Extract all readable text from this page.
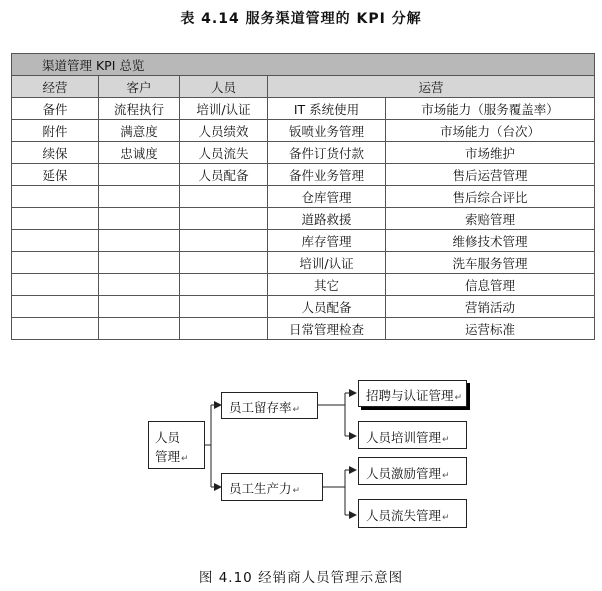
表 4.14 服务渠道管理的 KPI 分解
渠道管理 KPI 总览				
经营	客户	人员	运营	
备件	流程执行	培训/认证	IT 系统使用	市场能力（服务覆盖率）
附件	满意度	人员绩效	钣喷业务管理	市场能力（台次）
续保	忠诚度	人员流失	备件订货付款	市场维护
延保		人员配备	备件业务管理	售后运营管理
			仓库管理	售后综合评比
			道路救援	索赔管理
			库存管理	维修技术管理
			培训/认证	洗车服务管理
			其它	信息管理
			人员配备	营销活动
			日常管理检查	运营标准
人员
管理↵
员工留存率↵
员工生产力↵
招聘与认证管理↵
人员培训管理↵
人员激励管理↵
人员流失管理↵
图 4.10 经销商人员管理示意图
